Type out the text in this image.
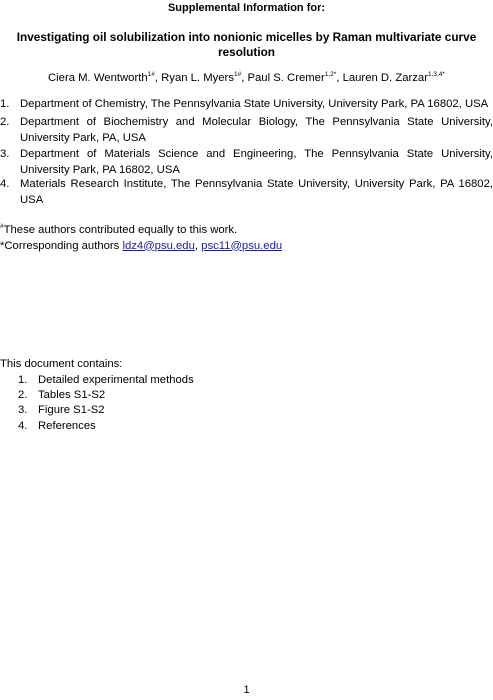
Supplemental Information for:
Investigating oil solubilization into nonionic micelles by Raman multivariate curve resolution
Ciera M. Wentworth$^{1\#}$, Ryan L. Myers$^{1\#}$, Paul S. Cremer$^{1,2*}$, Lauren D. Zarzar$^{1,3,4*}$
1. Department of Chemistry, The Pennsylvania State University, University Park, PA 16802, USA
2. Department of Biochemistry and Molecular Biology, The Pennsylvania State University, University Park, PA, USA
3. Department of Materials Science and Engineering, The Pennsylvania State University, University Park, PA 16802, USA
4. Materials Research Institute, The Pennsylvania State University, University Park, PA 16802, USA
#These authors contributed equally to this work.
*Corresponding authors ldz4@psu.edu, psc11@psu.edu
This document contains:
1. Detailed experimental methods
2. Tables S1-S2
3. Figure S1-S2
4. References
1
